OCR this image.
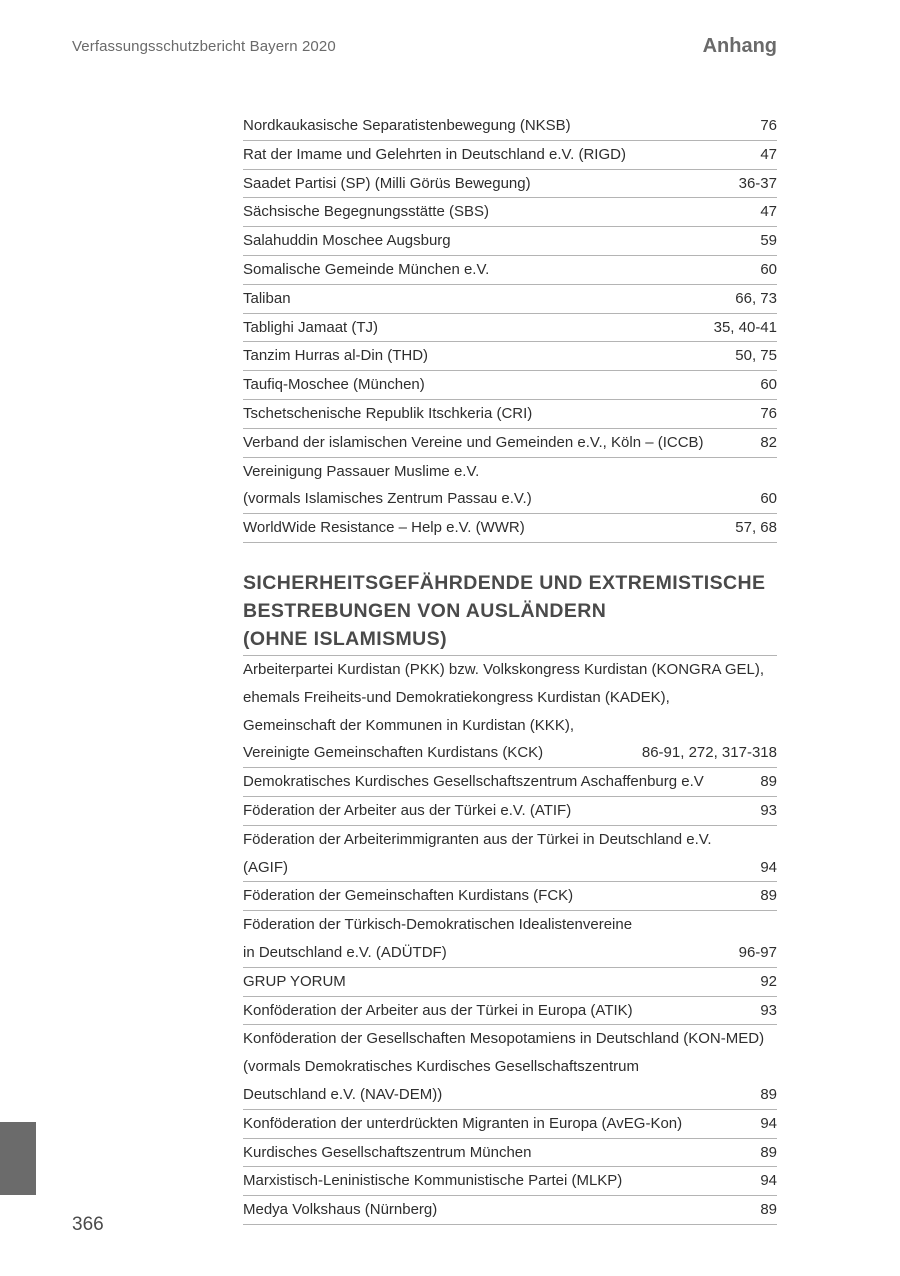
Verfassungsschutzbericht Bayern 2020	Anhang
Nordkaukasische Separatistenbewegung (NKSB)	76
Rat der Imame und Gelehrten in Deutschland e.V. (RIGD)	47
Saadet Partisi (SP) (Milli Görüs Bewegung)	36-37
Sächsische Begegnungsstätte (SBS)	47
Salahuddin Moschee Augsburg	59
Somalische Gemeinde München e.V.	60
Taliban	66, 73
Tablighi Jamaat (TJ)	35, 40-41
Tanzim Hurras al-Din (THD)	50, 75
Taufiq-Moschee (München)	60
Tschetschenische Republik Itschkeria (CRI)	76
Verband der islamischen Vereine und Gemeinden e.V., Köln – (ICCB)	82
Vereinigung Passauer Muslime e.V.
(vormals Islamisches Zentrum Passau e.V.)	60
WorldWide Resistance – Help e.V. (WWR)	57, 68
SICHERHEITSGEFÄHRDENDE UND EXTREMISTISCHE
BESTREBUNGEN VON AUSLÄNDERN
(OHNE ISLAMISMUS)
Arbeiterpartei Kurdistan (PKK) bzw. Volkskongress Kurdistan (KONGRA GEL),
ehemals Freiheits-und Demokratiekongress Kurdistan (KADEK),
Gemeinschaft der Kommunen in Kurdistan (KKK),
Vereinigte Gemeinschaften Kurdistans (KCK)	86-91, 272, 317-318
Demokratisches Kurdisches Gesellschaftszentrum Aschaffenburg e.V	89
Föderation der Arbeiter aus der Türkei e.V. (ATIF)	93
Föderation der Arbeiterimmigranten aus der Türkei in Deutschland e.V.
(AGIF)	94
Föderation der Gemeinschaften Kurdistans (FCK)	89
Föderation der Türkisch-Demokratischen Idealistenvereine
in Deutschland e.V. (ADÜTDF)	96-97
GRUP YORUM	92
Konföderation der Arbeiter aus der Türkei in Europa (ATIK)	93
Konföderation der Gesellschaften Mesopotamiens in Deutschland (KON-MED)
(vormals Demokratisches Kurdisches Gesellschaftszentrum
Deutschland e.V. (NAV-DEM))	89
Konföderation der unterdrückten Migranten in Europa (AvEG-Kon)	94
Kurdisches Gesellschaftszentrum München	89
Marxistisch-Leninistische Kommunistische Partei (MLKP)	94
Medya Volkshaus (Nürnberg)	89
366
